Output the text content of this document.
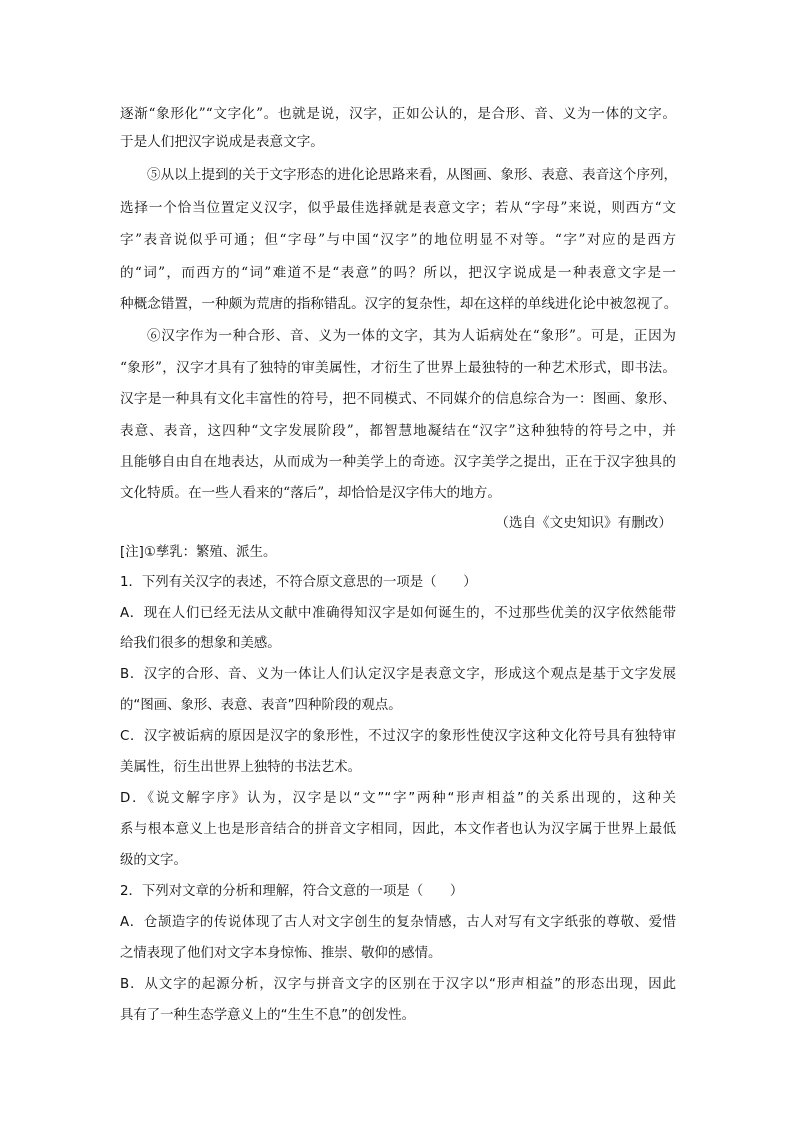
逐渐“象形化”“文字化”。也就是说，汉字，正如公认的，是合形、音、义为一体的文字。
于是人们把汉字说成是表意文字。
⑤从以上提到的关于文字形态的进化论思路来看，从图画、象形、表意、表音这个序列，
选择一个恰当位置定义汉字，似乎最佳选择就是表意文字；若从“字母”来说，则西方“文
字”表音说似乎可通；但“字母”与中国“汉字”的地位明显不对等。“字”对应的是西方
的“词”，而西方的“词”难道不是“表意”的吗？所以，把汉字说成是一种表意文字是一
种概念错置，一种颇为荒唐的指称错乱。汉字的复杂性，却在这样的单线进化论中被忽视了。
⑥汉字作为一种合形、音、义为一体的文字，其为人诟病处在“象形”。可是，正因为
“象形”，汉字才具有了独特的审美属性，才衍生了世界上最独特的一种艺术形式，即书法。
汉字是一种具有文化丰富性的符号，把不同模式、不同媒介的信息综合为一：图画、象形、
表意、表音，这四种“文字发展阶段”，都智慧地凝结在“汉字”这种独特的符号之中，并
且能够自由自在地表达，从而成为一种美学上的奇迹。汉字美学之提出，正在于汉字独具的
文化特质。在一些人看来的“落后”，却恰恰是汉字伟大的地方。
（选自《文史知识》有删改）
[注]①孳乳：繁殖、派生。
1．下列有关汉字的表述，不符合原文意思的一项是（　　）
A．现在人们已经无法从文献中准确得知汉字是如何诞生的，不过那些优美的汉字依然能带
给我们很多的想象和美感。
B．汉字的合形、音、义为一体让人们认定汉字是表意文字，形成这个观点是基于文字发展
的“图画、象形、表意、表音”四种阶段的观点。
C．汉字被诟病的原因是汉字的象形性，不过汉字的象形性使汉字这种文化符号具有独特审
美属性，衍生出世界上独特的书法艺术。
D．《说文解字序》认为，汉字是以“文”“字”两种“形声相益”的关系出现的，这种关
系与根本意义上也是形音结合的拼音文字相同，因此，本文作者也认为汉字属于世界上最低
级的文字。
2．下列对文章的分析和理解，符合文意的一项是（　　）
A．仓颉造字的传说体现了古人对文字创生的复杂情感，古人对写有文字纸张的尊敬、爱惜
之情表现了他们对文字本身惊怖、推崇、敬仰的感情。
B．从文字的起源分析，汉字与拼音文字的区别在于汉字以“形声相益”的形态出现，因此
具有了一种生态学意义上的“生生不息”的创发性。
